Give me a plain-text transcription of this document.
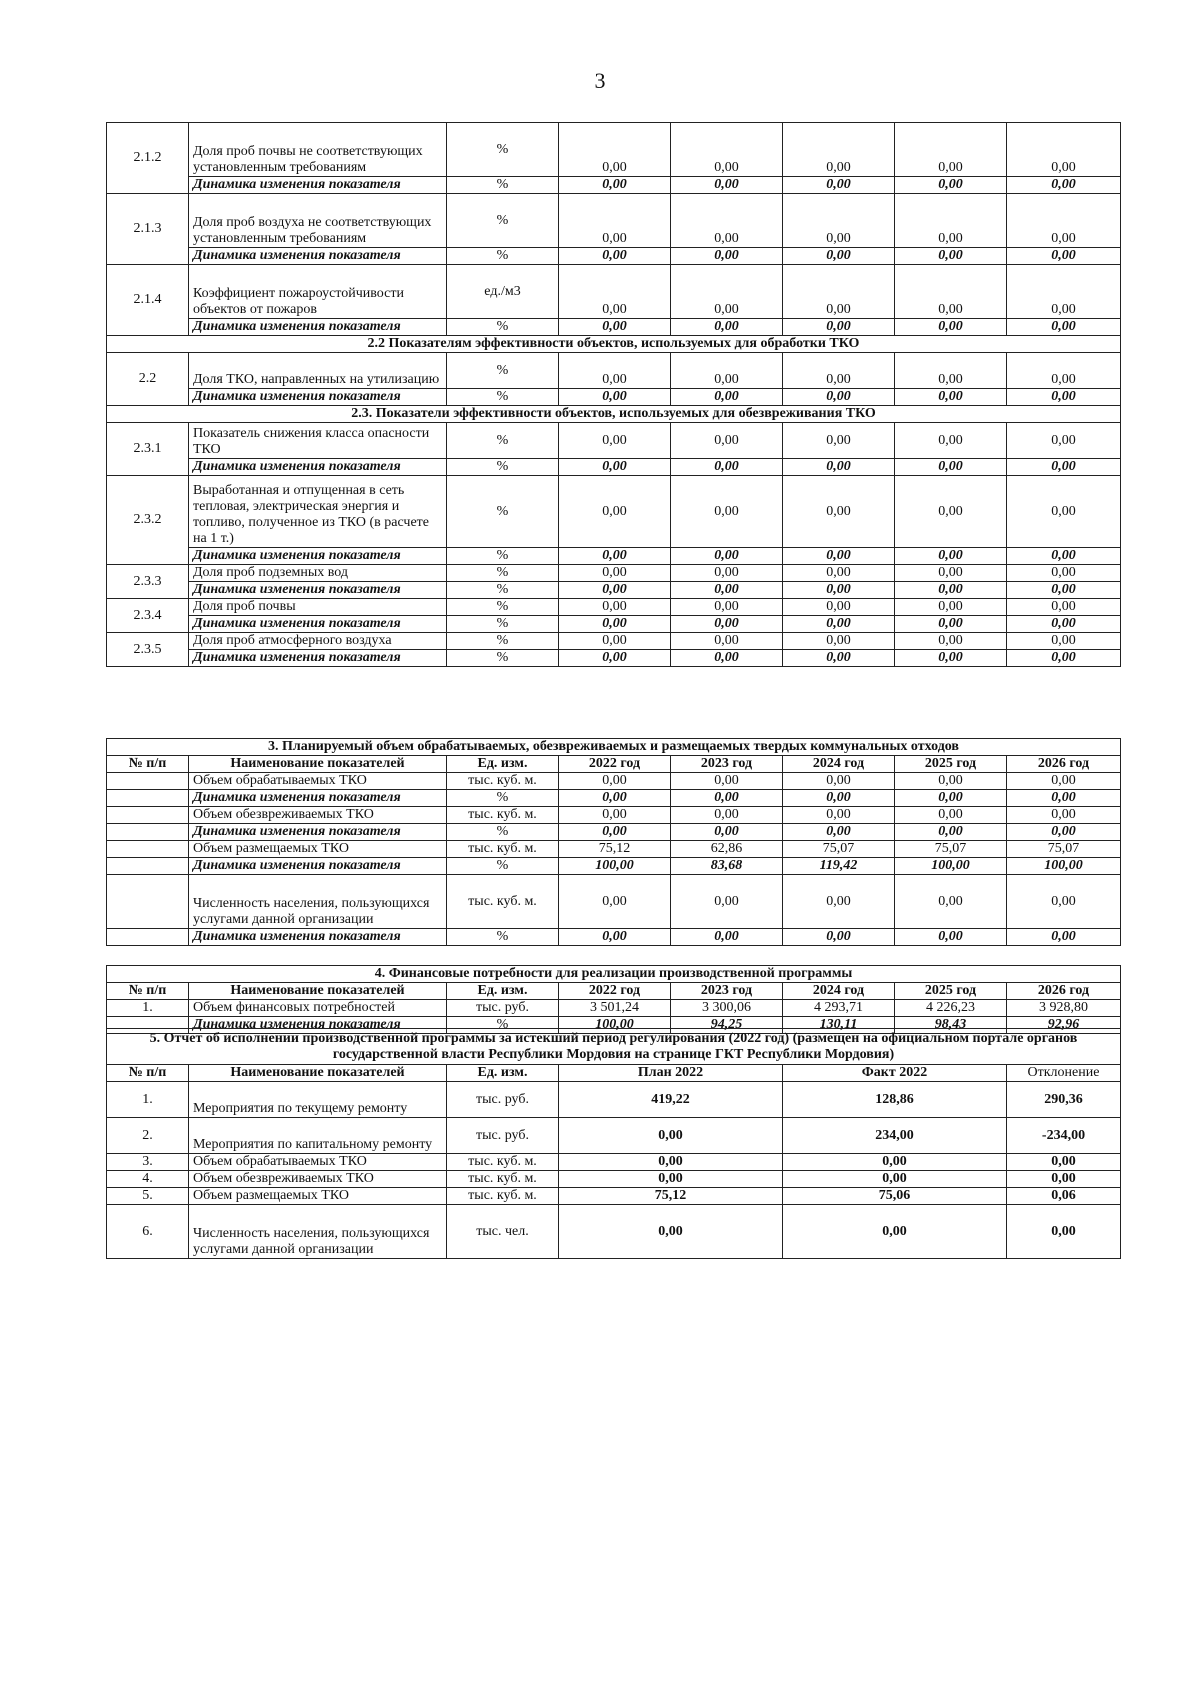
3
2.1.2	Доля проб почвы не соответствующих установленным требованиям	%	0,00	0,00	0,00	0,00	0,00
	Динамика изменения показателя	%	0,00	0,00	0,00	0,00	0,00
2.1.3	Доля проб воздуха не соответствующих установленным требованиям	%	0,00	0,00	0,00	0,00	0,00
	Динамика изменения показателя	%	0,00	0,00	0,00	0,00	0,00
2.1.4	Коэффициент пожароустойчивости объектов от пожаров	ед./м3	0,00	0,00	0,00	0,00	0,00
	Динамика изменения показателя	%	0,00	0,00	0,00	0,00	0,00
2.2 Показателям эффективности объектов, используемых для обработки ТКО							
2.2	Доля ТКО, направленных на утилизацию	%	0,00	0,00	0,00	0,00	0,00
	Динамика изменения показателя	%	0,00	0,00	0,00	0,00	0,00
2.3. Показатели эффективности объектов, используемых для обезвреживания ТКО							
2.3.1	Показатель снижения класса опасности ТКО	%	0,00	0,00	0,00	0,00	0,00
	Динамика изменения показателя	%	0,00	0,00	0,00	0,00	0,00
2.3.2	Выработанная и отпущенная в сеть тепловая, электрическая энергия и топливо, полученное из ТКО (в расчете на 1 т.)	%	0,00	0,00	0,00	0,00	0,00
	Динамика изменения показателя	%	0,00	0,00	0,00	0,00	0,00
2.3.3	Доля проб подземных вод	%	0,00	0,00	0,00	0,00	0,00
	Динамика изменения показателя	%	0,00	0,00	0,00	0,00	0,00
2.3.4	Доля проб почвы	%	0,00	0,00	0,00	0,00	0,00
	Динамика изменения показателя	%	0,00	0,00	0,00	0,00	0,00
2.3.5	Доля проб атмосферного воздуха	%	0,00	0,00	0,00	0,00	0,00
	Динамика изменения показателя	%	0,00	0,00	0,00	0,00	0,00
3. Планируемый объем обрабатываемых, обезвреживаемых и размещаемых твердых коммунальных отходов							
№ п/п	Наименование показателей	Ед. изм.	2022 год	2023 год	2024 год	2025 год	2026 год
	Объем обрабатываемых ТКО	тыс. куб. м.	0,00	0,00	0,00	0,00	0,00
	Динамика изменения показателя	%	0,00	0,00	0,00	0,00	0,00
	Объем обезвреживаемых ТКО	тыс. куб. м.	0,00	0,00	0,00	0,00	0,00
	Динамика изменения показателя	%	0,00	0,00	0,00	0,00	0,00
	Объем размещаемых ТКО	тыс. куб. м.	75,12	62,86	75,07	75,07	75,07
	Динамика изменения показателя	%	100,00	83,68	119,42	100,00	100,00
	Численность населения, пользующихся услугами данной организации	тыс. куб. м.	0,00	0,00	0,00	0,00	0,00
	Динамика изменения показателя	%	0,00	0,00	0,00	0,00	0,00
4. Финансовые потребности для реализации производственной программы							
№ п/п	Наименование показателей	Ед. изм.	2022 год	2023 год	2024 год	2025 год	2026 год
1.	Объем финансовых потребностей	тыс. руб.	3 501,24	3 300,06	4 293,71	4 226,23	3 928,80
	Динамика изменения показателя	%	100,00	94,25	130,11	98,43	92,96
5. Отчет об исполнении производственной программы за истекший период регулирования (2022 год) (размещен на официальном портале органов государственной власти Республики Мордовия на странице ГКТ Республики Мордовия)					
№ п/п	Наименование показателей	Ед. изм.	План 2022	Факт 2022	Отклонение
1.	Мероприятия по текущему ремонту	тыс. руб.	419,22	128,86	290,36
2.	Мероприятия по капитальному ремонту	тыс. руб.	0,00	234,00	-234,00
3.	Объем обрабатываемых ТКО	тыс. куб. м.	0,00	0,00	0,00
4.	Объем обезвреживаемых ТКО	тыс. куб. м.	0,00	0,00	0,00
5.	Объем размещаемых ТКО	тыс. куб. м.	75,12	75,06	0,06
6.	Численность населения, пользующихся услугами данной организации	тыс. чел.	0,00	0,00	0,00
